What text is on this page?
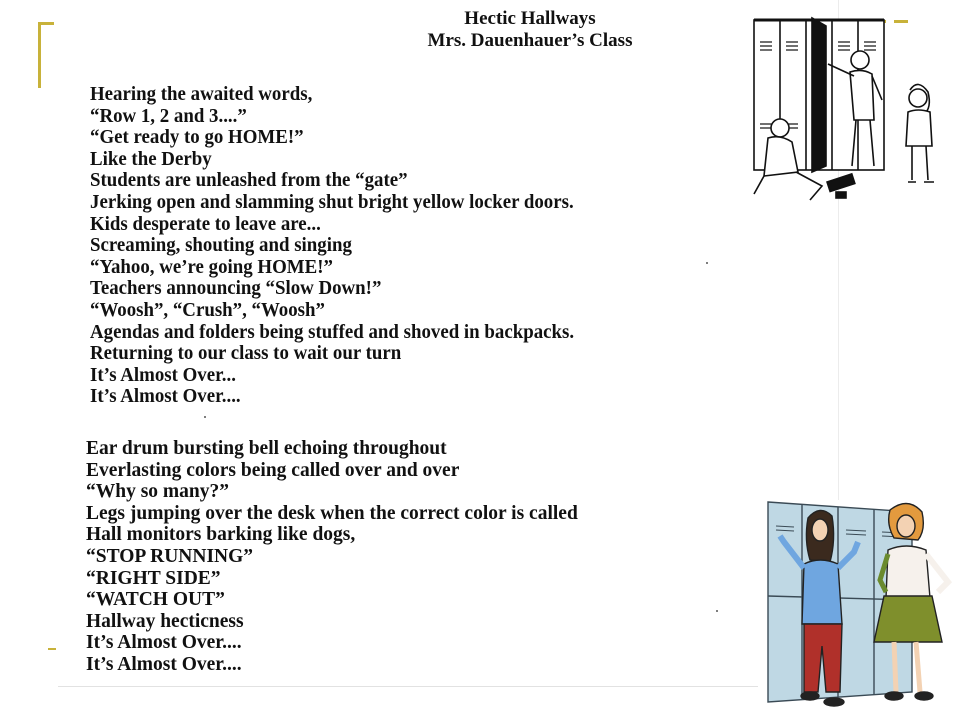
Hectic Hallways
Mrs. Dauenhauer’s Class
Hearing the awaited words,
“Row 1, 2 and 3....”
“Get ready to go HOME!”
Like the Derby
Students are unleashed from the “gate”
Jerking open and slamming shut bright yellow locker doors.
Kids desperate to leave are...
Screaming, shouting and singing
“Yahoo, we’re going HOME!”
Teachers announcing “Slow Down!”
“Woosh”, “Crush”, “Woosh”
Agendas and folders being stuffed and shoved in backpacks.
Returning to our class to wait our turn
It’s Almost Over...
It’s Almost Over....
Ear drum bursting bell echoing throughout
Everlasting colors being called over and over
“Why so many?”
Legs jumping over the desk when the correct color is called
Hall monitors barking like dogs,
“STOP RUNNING”
“RIGHT SIDE”
“WATCH OUT”
Hallway hecticness
It’s Almost Over....
It’s Almost Over....
